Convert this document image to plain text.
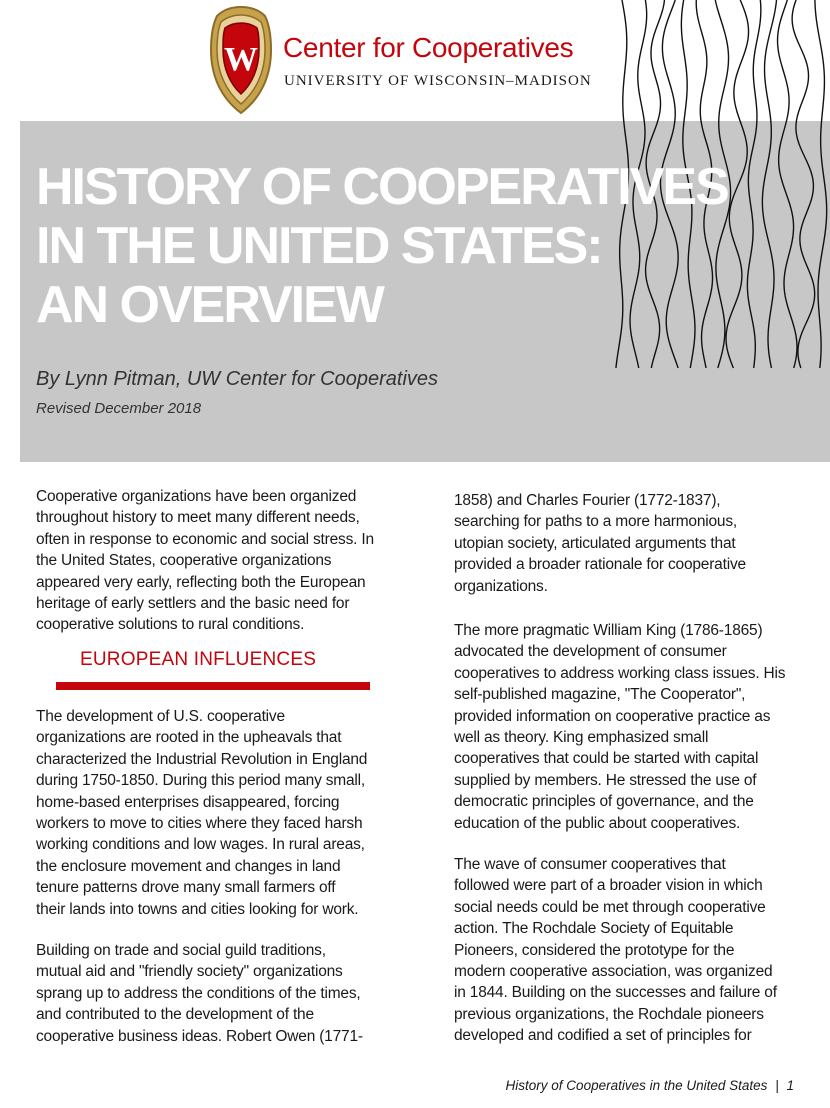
W Center for Cooperatives
UNIVERSITY OF WISCONSIN–MADISON
HISTORY OF COOPERATIVES
IN THE UNITED STATES:
AN OVERVIEW
By Lynn Pitman, UW Center for Cooperatives
Revised December 2018

Cooperative organizations have been organized
throughout history to meet many different needs,
often in response to economic and social stress. In
the United States, cooperative organizations
appeared very early, reflecting both the European
heritage of early settlers and the basic need for
cooperative solutions to rural conditions.

EUROPEAN INFLUENCES

The development of U.S. cooperative
organizations are rooted in the upheavals that
characterized the Industrial Revolution in England
during 1750-1850. During this period many small,
home-based enterprises disappeared, forcing
workers to move to cities where they faced harsh
working conditions and low wages. In rural areas,
the enclosure movement and changes in land
tenure patterns drove many small farmers off
their lands into towns and cities looking for work.

Building on trade and social guild traditions,
mutual aid and "friendly society" organizations
sprang up to address the conditions of the times,
and contributed to the development of the
cooperative business ideas. Robert Owen (1771-

1858) and Charles Fourier (1772-1837),
searching for paths to a more harmonious,
utopian society, articulated arguments that
provided a broader rationale for cooperative
organizations.

The more pragmatic William King (1786-1865)
advocated the development of consumer
cooperatives to address working class issues. His
self-published magazine, "The Cooperator",
provided information on cooperative practice as
well as theory. King emphasized small
cooperatives that could be started with capital
supplied by members. He stressed the use of
democratic principles of governance, and the
education of the public about cooperatives.

The wave of consumer cooperatives that
followed were part of a broader vision in which
social needs could be met through cooperative
action. The Rochdale Society of Equitable
Pioneers, considered the prototype for the
modern cooperative association, was organized
in 1844. Building on the successes and failure of
previous organizations, the Rochdale pioneers
developed and codified a set of principles for

History of Cooperatives in the United States | 1
